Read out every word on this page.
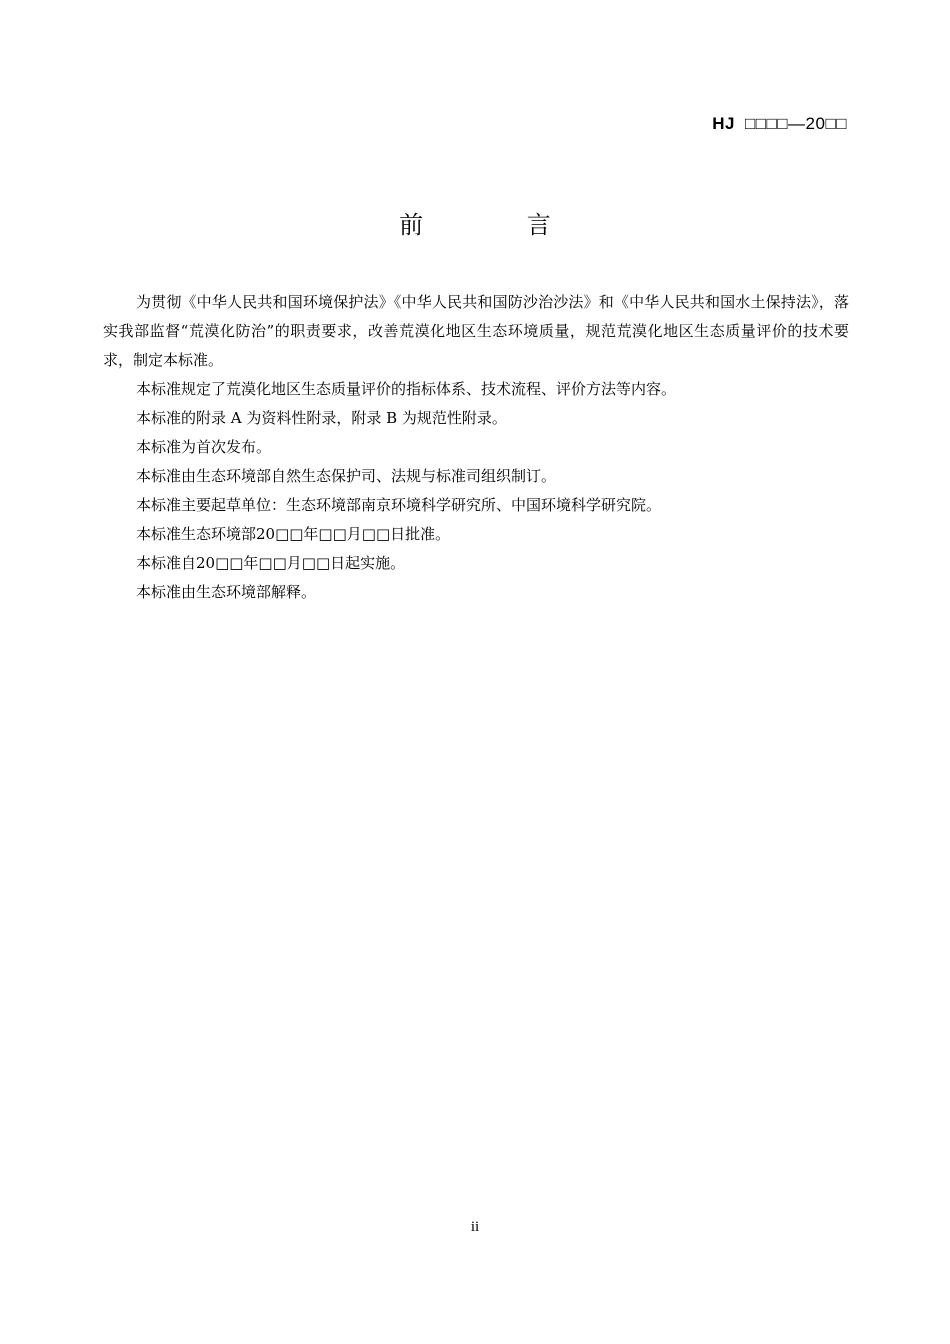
HJ □□□□—20□□
前 言

为贯彻《中华人民共和国环境保护法》《中华人民共和国防沙治沙法》和《中华人民共和国水土保持法》，落实我部监督“荒漠化防治”的职责要求，改善荒漠化地区生态环境质量，规范荒漠化地区生态质量评价的技术要求，制定本标准。

本标准规定了荒漠化地区生态质量评价的指标体系、技术流程、评价方法等内容。

本标准的附录 A 为资料性附录，附录 B 为规范性附录。

本标准为首次发布。

本标准由生态环境部自然生态保护司、法规与标准司组织制订。

本标准主要起草单位：生态环境部南京环境科学研究所、中国环境科学研究院。

本标准生态环境部20□□年□□月□□日批准。

本标准自20□□年□□月□□日起实施。

本标准由生态环境部解释。

ii
